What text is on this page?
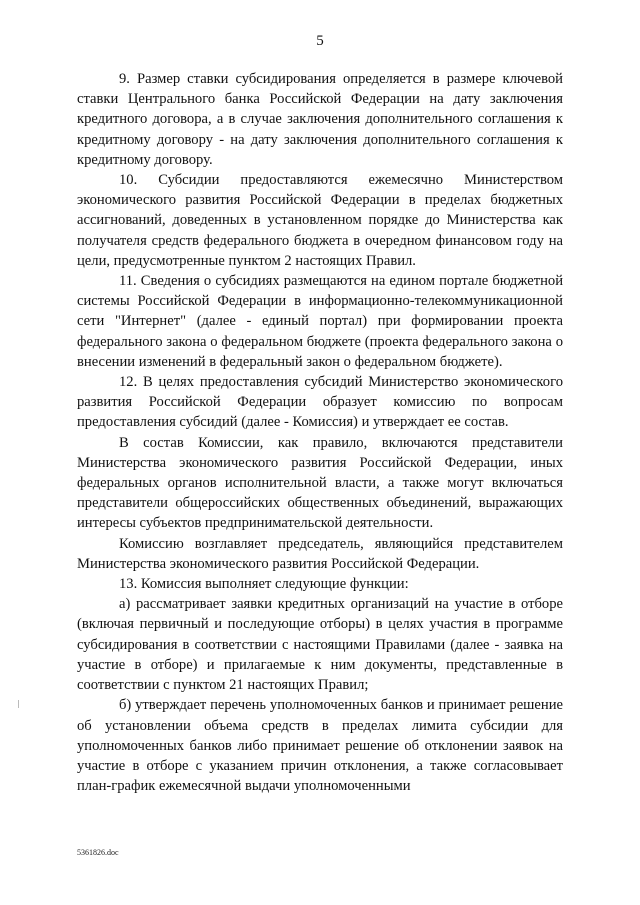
5

9. Размер ставки субсидирования определяется в размере ключевой ставки Центрального банка Российской Федерации на дату заключения кредитного договора, а в случае заключения дополнительного соглашения к кредитному договору - на дату заключения дополнительного соглашения к кредитному договору.

10. Субсидии предоставляются ежемесячно Министерством экономического развития Российской Федерации в пределах бюджетных ассигнований, доведенных в установленном порядке до Министерства как получателя средств федерального бюджета в очередном финансовом году на цели, предусмотренные пунктом 2 настоящих Правил.

11. Сведения о субсидиях размещаются на едином портале бюджетной системы Российской Федерации в информационно-телекоммуникационной сети "Интернет" (далее - единый портал) при формировании проекта федерального закона о федеральном бюджете (проекта федерального закона о внесении изменений в федеральный закон о федеральном бюджете).

12. В целях предоставления субсидий Министерство экономического развития Российской Федерации образует комиссию по вопросам предоставления субсидий (далее - Комиссия) и утверждает ее состав.

В состав Комиссии, как правило, включаются представители Министерства экономического развития Российской Федерации, иных федеральных органов исполнительной власти, а также могут включаться представители общероссийских общественных объединений, выражающих интересы субъектов предпринимательской деятельности.

Комиссию возглавляет председатель, являющийся представителем Министерства экономического развития Российской Федерации.

13. Комиссия выполняет следующие функции:

а) рассматривает заявки кредитных организаций на участие в отборе (включая первичный и последующие отборы) в целях участия в программе субсидирования в соответствии с настоящими Правилами (далее - заявка на участие в отборе) и прилагаемые к ним документы, представленные в соответствии с пунктом 21 настоящих Правил;

б) утверждает перечень уполномоченных банков и принимает решение об установлении объема средств в пределах лимита субсидии для уполномоченных банков либо принимает решение об отклонении заявок на участие в отборе с указанием причин отклонения, а также согласовывает план-график ежемесячной выдачи уполномоченными

5361826.doc
